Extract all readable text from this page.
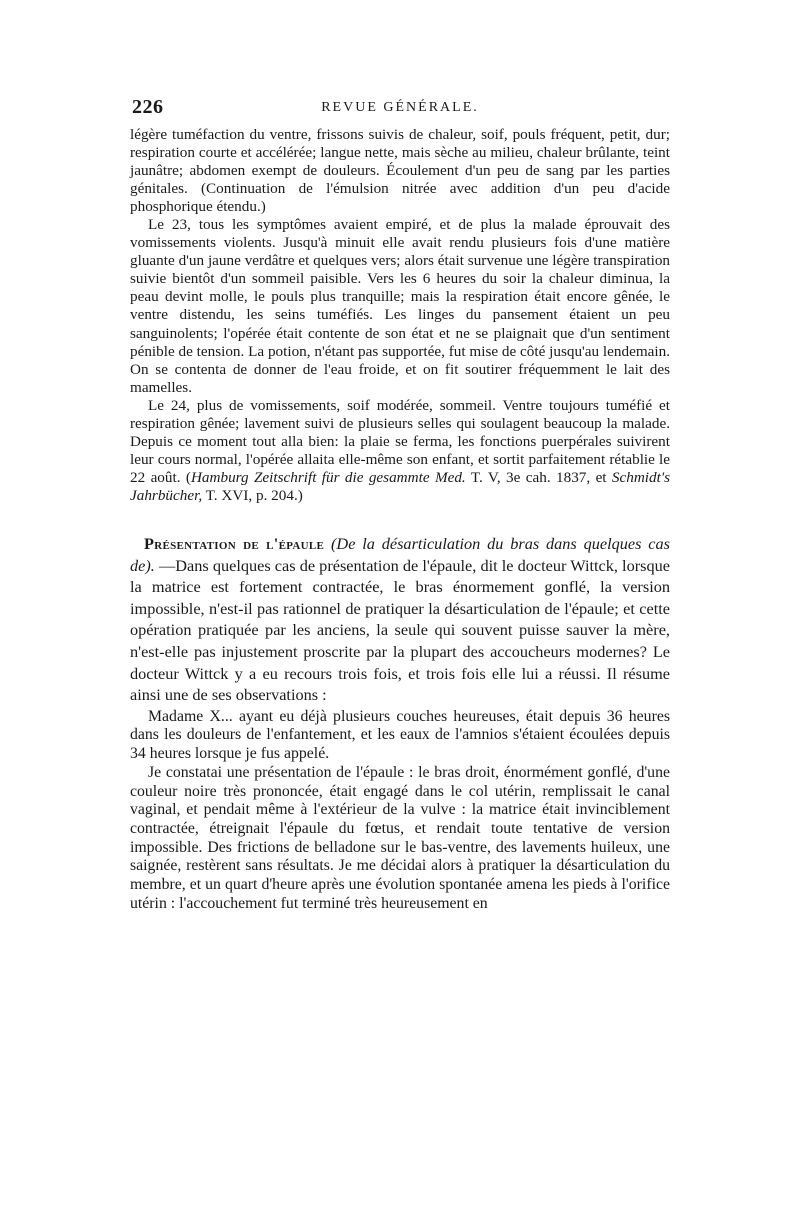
226	REVUE GÉNÉRALE.

légère tuméfaction du ventre, frissons suivis de chaleur, soif, pouls fréquent, petit, dur; respiration courte et accélérée; langue nette, mais sèche au milieu, chaleur brûlante, teint jaunâtre; abdomen exempt de douleurs. Écoulement d'un peu de sang par les parties génitales. (Continuation de l'émulsion nitrée avec addition d'un peu d'acide phosphorique étendu.)

Le 23, tous les symptômes avaient empiré, et de plus la malade éprouvait des vomissements violents. Jusqu'à minuit elle avait rendu plusieurs fois d'une matière gluante d'un jaune verdâtre et quelques vers; alors était survenue une légère transpiration suivie bientôt d'un sommeil paisible. Vers les 6 heures du soir la chaleur diminua, la peau devint molle, le pouls plus tranquille; mais la respiration était encore gênée, le ventre distendu, les seins tuméfiés. Les linges du pansement étaient un peu sanguinolents; l'opérée était contente de son état et ne se plaignait que d'un sentiment pénible de tension. La potion, n'étant pas supportée, fut mise de côté jusqu'au lendemain. On se contenta de donner de l'eau froide, et on fit soutirer fréquemment le lait des mamelles.

Le 24, plus de vomissements, soif modérée, sommeil. Ventre toujours tuméfié et respiration gênée; lavement suivi de plusieurs selles qui soulagent beaucoup la malade. Depuis ce moment tout alla bien: la plaie se ferma, les fonctions puerpérales suivirent leur cours normal, l'opérée allaita elle-même son enfant, et sortit parfaitement rétablie le 22 août. (Hamburg Zeitschrift für die gesammte Med. T. V, 3e cah. 1837, et Schmidt's Jahrbücher, T. XVI, p. 204.)

Présentation de l'épaule (De la désarticulation du bras dans quelques cas de). —Dans quelques cas de présentation de l'épaule, dit le docteur Wittck, lorsque la matrice est fortement contractée, le bras énormement gonflé, la version impossible, n'est-il pas rationnel de pratiquer la désarticulation de l'épaule; et cette opération pratiquée par les anciens, la seule qui souvent puisse sauver la mère, n'est-elle pas injustement proscrite par la plupart des accoucheurs modernes? Le docteur Wittck y a eu recours trois fois, et trois fois elle lui a réussi. Il résume ainsi une de ses observations :

Madame X... ayant eu déjà plusieurs couches heureuses, était depuis 36 heures dans les douleurs de l'enfantement, et les eaux de l'amnios s'étaient écoulées depuis 34 heures lorsque je fus appelé.

Je constatai une présentation de l'épaule : le bras droit, énormément gonflé, d'une couleur noire très prononcée, était engagé dans le col utérin, remplissait le canal vaginal, et pendait même à l'extérieur de la vulve : la matrice était invinciblement contractée, étreignait l'épaule du fœtus, et rendait toute tentative de version impossible. Des frictions de belladone sur le bas-ventre, des lavements huileux, une saignée, restèrent sans résultats. Je me décidai alors à pratiquer la désarticulation du membre, et un quart d'heure après une évolution spontanée amena les pieds à l'orifice utérin : l'accouchement fut terminé très heureusement en
